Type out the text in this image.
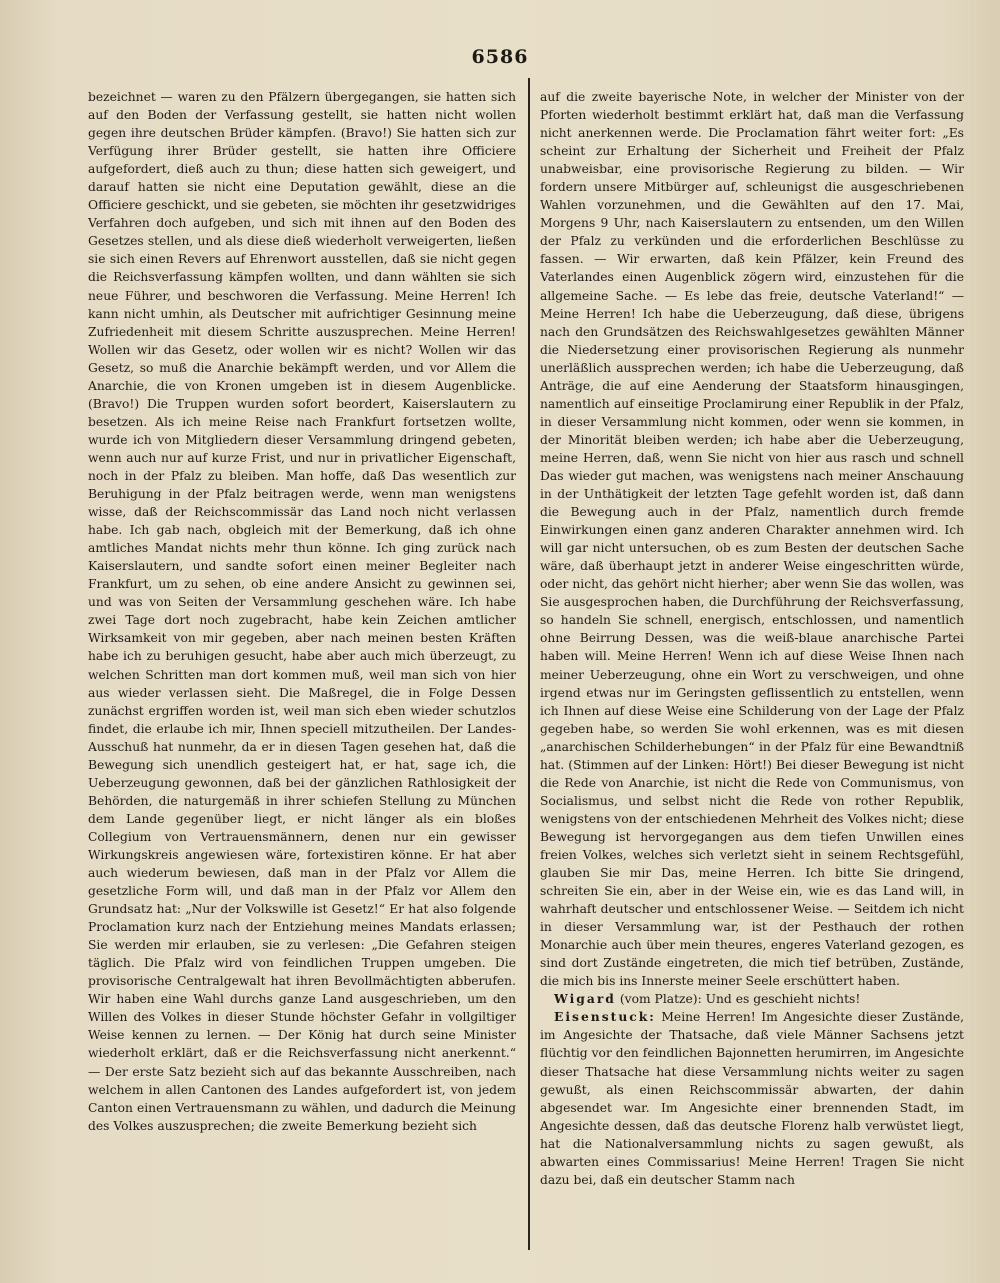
6586

bezeichnet — waren zu den Pfälzern übergegangen, sie hatten sich auf den Boden der Verfassung gestellt, sie hatten nicht wollen gegen ihre deutschen Brüder kämpfen. (Bravo!) Sie hatten sich zur Verfügung ihrer Brüder gestellt, sie hatten ihre Officiere aufgefordert, dieß auch zu thun; diese hatten sich geweigert, und darauf hatten sie nicht eine Deputation gewählt, diese an die Officiere geschickt, und sie gebeten, sie möchten ihr gesetzwidriges Verfahren doch aufgeben, und sich mit ihnen auf den Boden des Gesetzes stellen, und als diese dieß wiederholt verweigerten, ließen sie sich einen Revers auf Ehrenwort ausstellen, daß sie nicht gegen die Reichsverfassung kämpfen wollten, und dann wählten sie sich neue Führer, und beschworen die Verfassung. Meine Herren! Ich kann nicht umhin, als Deutscher mit aufrichtiger Gesinnung meine Zufriedenheit mit diesem Schritte auszusprechen. Meine Herren! Wollen wir das Gesetz, oder wollen wir es nicht? Wollen wir das Gesetz, so muß die Anarchie bekämpft werden, und vor Allem die Anarchie, die von Kronen umgeben ist in diesem Augenblicke. (Bravo!) Die Truppen wurden sofort beordert, Kaiserslautern zu besetzen. Als ich meine Reise nach Frankfurt fortsetzen wollte, wurde ich von Mitgliedern dieser Versammlung dringend gebeten, wenn auch nur auf kurze Frist, und nur in privatlicher Eigenschaft, noch in der Pfalz zu bleiben. Man hoffe, daß Das wesentlich zur Beruhigung in der Pfalz beitragen werde, wenn man wenigstens wisse, daß der Reichscommissär das Land noch nicht verlassen habe. Ich gab nach, obgleich mit der Bemerkung, daß ich ohne amtliches Mandat nichts mehr thun könne. Ich ging zurück nach Kaiserslautern, und sandte sofort einen meiner Begleiter nach Frankfurt, um zu sehen, ob eine andere Ansicht zu gewinnen sei, und was von Seiten der Versammlung geschehen wäre. Ich habe zwei Tage dort noch zugebracht, habe kein Zeichen amtlicher Wirksamkeit von mir gegeben, aber nach meinen besten Kräften habe ich zu beruhigen gesucht, habe aber auch mich überzeugt, zu welchen Schritten man dort kommen muß, weil man sich von hier aus wieder verlassen sieht. Die Maßregel, die in Folge Dessen zunächst ergriffen worden ist, weil man sich eben wieder schutzlos findet, die erlaube ich mir, Ihnen speciell mitzutheilen. Der Landes-Ausschuß hat nunmehr, da er in diesen Tagen gesehen hat, daß die Bewegung sich unendlich gesteigert hat, er hat, sage ich, die Ueberzeugung gewonnen, daß bei der gänzlichen Rathlosigkeit der Behörden, die naturgemäß in ihrer schiefen Stellung zu München dem Lande gegenüber liegt, er nicht länger als ein bloßes Collegium von Vertrauensmännern, denen nur ein gewisser Wirkungskreis angewiesen wäre, fortexistiren könne. Er hat aber auch wiederum bewiesen, daß man in der Pfalz vor Allem die gesetzliche Form will, und daß man in der Pfalz vor Allem den Grundsatz hat: „Nur der Volkswille ist Gesetz!“ Er hat also folgende Proclamation kurz nach der Entziehung meines Mandats erlassen; Sie werden mir erlauben, sie zu verlesen: „Die Gefahren steigen täglich. Die Pfalz wird von feindlichen Truppen umgeben. Die provisorische Centralgewalt hat ihren Bevollmächtigten abberufen. Wir haben eine Wahl durchs ganze Land ausgeschrieben, um den Willen des Volkes in dieser Stunde höchster Gefahr in vollgiltiger Weise kennen zu lernen. — Der König hat durch seine Minister wiederholt erklärt, daß er die Reichsverfassung nicht anerkennt.“ — Der erste Satz bezieht sich auf das bekannte Ausschreiben, nach welchem in allen Cantonen des Landes aufgefordert ist, von jedem Canton einen Vertrauensmann zu wählen, und dadurch die Meinung des Volkes auszusprechen; die zweite Bemerkung bezieht sich

auf die zweite bayerische Note, in welcher der Minister von der Pforten wiederholt bestimmt erklärt hat, daß man die Verfassung nicht anerkennen werde. Die Proclamation fährt weiter fort: „Es scheint zur Erhaltung der Sicherheit und Freiheit der Pfalz unabweisbar, eine provisorische Regierung zu bilden. — Wir fordern unsere Mitbürger auf, schleunigst die ausgeschriebenen Wahlen vorzunehmen, und die Gewählten auf den 17. Mai, Morgens 9 Uhr, nach Kaiserslautern zu entsenden, um den Willen der Pfalz zu verkünden und die erforderlichen Beschlüsse zu fassen. — Wir erwarten, daß kein Pfälzer, kein Freund des Vaterlandes einen Augenblick zögern wird, einzustehen für die allgemeine Sache. — Es lebe das freie, deutsche Vaterland!“ — Meine Herren! Ich habe die Ueberzeugung, daß diese, übrigens nach den Grundsätzen des Reichswahlgesetzes gewählten Männer die Niedersetzung einer provisorischen Regierung als nunmehr unerläßlich aussprechen werden; ich habe die Ueberzeugung, daß Anträge, die auf eine Aenderung der Staatsform hinausgingen, namentlich auf einseitige Proclamirung einer Republik in der Pfalz, in dieser Versammlung nicht kommen, oder wenn sie kommen, in der Minorität bleiben werden; ich habe aber die Ueberzeugung, meine Herren, daß, wenn Sie nicht von hier aus rasch und schnell Das wieder gut machen, was wenigstens nach meiner Anschauung in der Unthätigkeit der letzten Tage gefehlt worden ist, daß dann die Bewegung auch in der Pfalz, namentlich durch fremde Einwirkungen einen ganz anderen Charakter annehmen wird. Ich will gar nicht untersuchen, ob es zum Besten der deutschen Sache wäre, daß überhaupt jetzt in anderer Weise eingeschritten würde, oder nicht, das gehört nicht hierher; aber wenn Sie das wollen, was Sie ausgesprochen haben, die Durchführung der Reichsverfassung, so handeln Sie schnell, energisch, entschlossen, und namentlich ohne Beirrung Dessen, was die weiß-blaue anarchische Partei haben will. Meine Herren! Wenn ich auf diese Weise Ihnen nach meiner Ueberzeugung, ohne ein Wort zu verschweigen, und ohne irgend etwas nur im Geringsten geflissentlich zu entstellen, wenn ich Ihnen auf diese Weise eine Schilderung von der Lage der Pfalz gegeben habe, so werden Sie wohl erkennen, was es mit diesen „anarchischen Schilderhebungen“ in der Pfalz für eine Bewandtniß hat. (Stimmen auf der Linken: Hört!) Bei dieser Bewegung ist nicht die Rede von Anarchie, ist nicht die Rede von Communismus, von Socialismus, und selbst nicht die Rede von rother Republik, wenigstens von der entschiedenen Mehrheit des Volkes nicht; diese Bewegung ist hervorgegangen aus dem tiefen Unwillen eines freien Volkes, welches sich verletzt sieht in seinem Rechtsgefühl, glauben Sie mir Das, meine Herren. Ich bitte Sie dringend, schreiten Sie ein, aber in der Weise ein, wie es das Land will, in wahrhaft deutscher und entschlossener Weise. — Seitdem ich nicht in dieser Versammlung war, ist der Pesthauch der rothen Monarchie auch über mein theures, engeres Vaterland gezogen, es sind dort Zustände eingetreten, die mich tief betrüben, Zustände, die mich bis ins Innerste meiner Seele erschüttert haben.

Wigard (vom Platze): Und es geschieht nichts!

Eisenstuck: Meine Herren! Im Angesichte dieser Zustände, im Angesichte der Thatsache, daß viele Männer Sachsens jetzt flüchtig vor den feindlichen Bajonnetten herumirren, im Angesichte dieser Thatsache hat diese Versammlung nichts weiter zu sagen gewußt, als einen Reichscommissär abwarten, der dahin abgesendet war. Im Angesichte einer brennenden Stadt, im Angesichte dessen, daß das deutsche Florenz halb verwüstet liegt, hat die Nationalversammlung nichts zu sagen gewußt, als abwarten eines Commissarius! Meine Herren! Tragen Sie nicht dazu bei, daß ein deutscher Stamm nach
